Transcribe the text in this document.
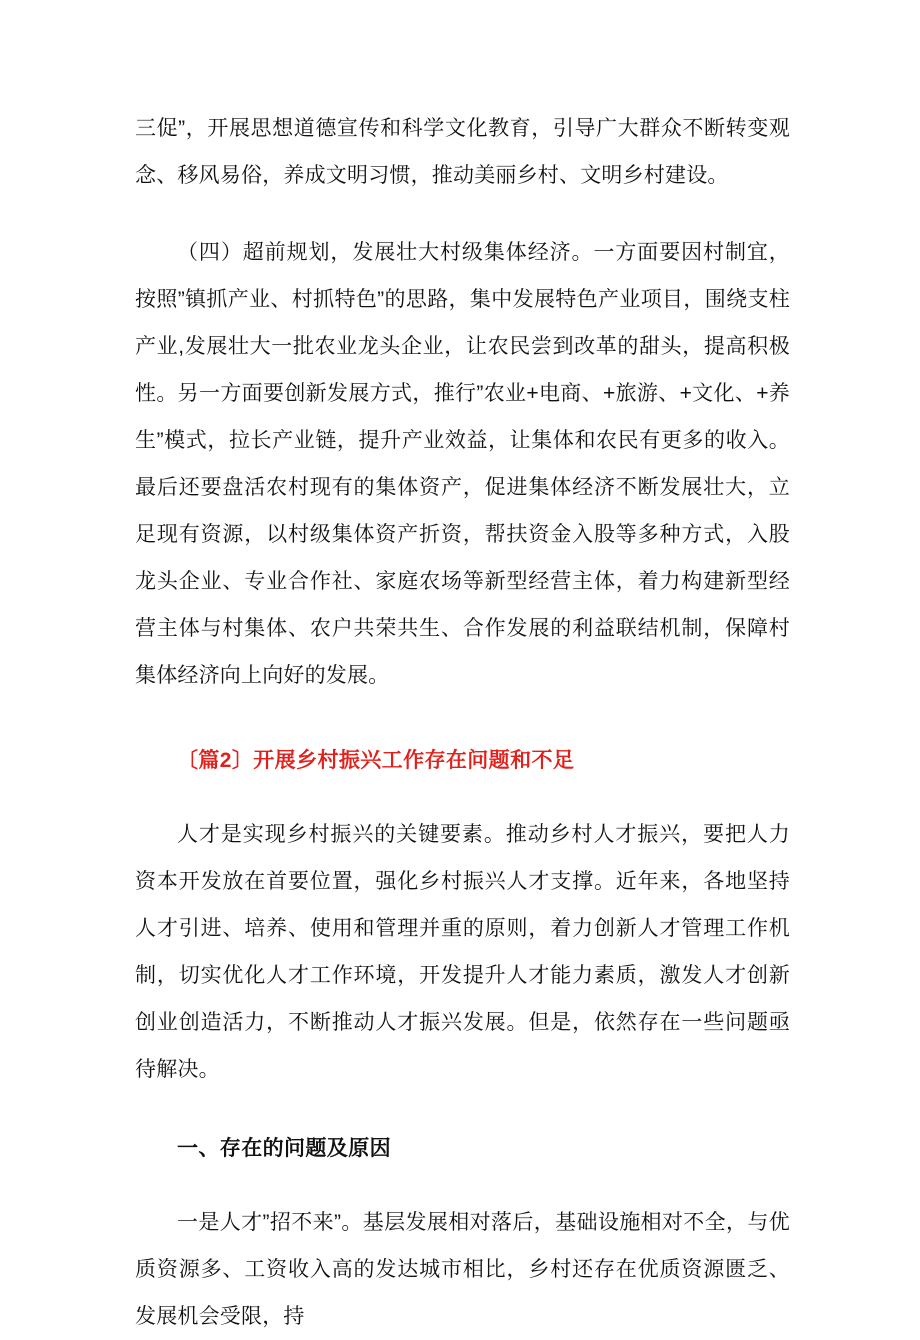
三促”，开展思想道德宣传和科学文化教育，引导广大群众不断转变观念、移风易俗，养成文明习惯，推动美丽乡村、文明乡村建设。

（四）超前规划，发展壮大村级集体经济。一方面要因村制宜，按照”镇抓产业、村抓特色”的思路，集中发展特色产业项目，围绕支柱产业,发展壮大一批农业龙头企业，让农民尝到改革的甜头，提高积极性。另一方面要创新发展方式，推行”农业+电商、+旅游、+文化、+养生”模式，拉长产业链，提升产业效益，让集体和农民有更多的收入。最后还要盘活农村现有的集体资产，促进集体经济不断发展壮大，立足现有资源，以村级集体资产折资，帮扶资金入股等多种方式，入股龙头企业、专业合作社、家庭农场等新型经营主体，着力构建新型经营主体与村集体、农户共荣共生、合作发展的利益联结机制，保障村集体经济向上向好的发展。

〔篇2〕开展乡村振兴工作存在问题和不足

人才是实现乡村振兴的关键要素。推动乡村人才振兴，要把人力资本开发放在首要位置，强化乡村振兴人才支撑。近年来，各地坚持人才引进、培养、使用和管理并重的原则，着力创新人才管理工作机制，切实优化人才工作环境，开发提升人才能力素质，激发人才创新创业创造活力，不断推动人才振兴发展。但是，依然存在一些问题亟待解决。

一、存在的问题及原因

一是人才”招不来”。基层发展相对落后，基础设施相对不全，与优质资源多、工资收入高的发达城市相比，乡村还存在优质资源匮乏、发展机会受限，持
